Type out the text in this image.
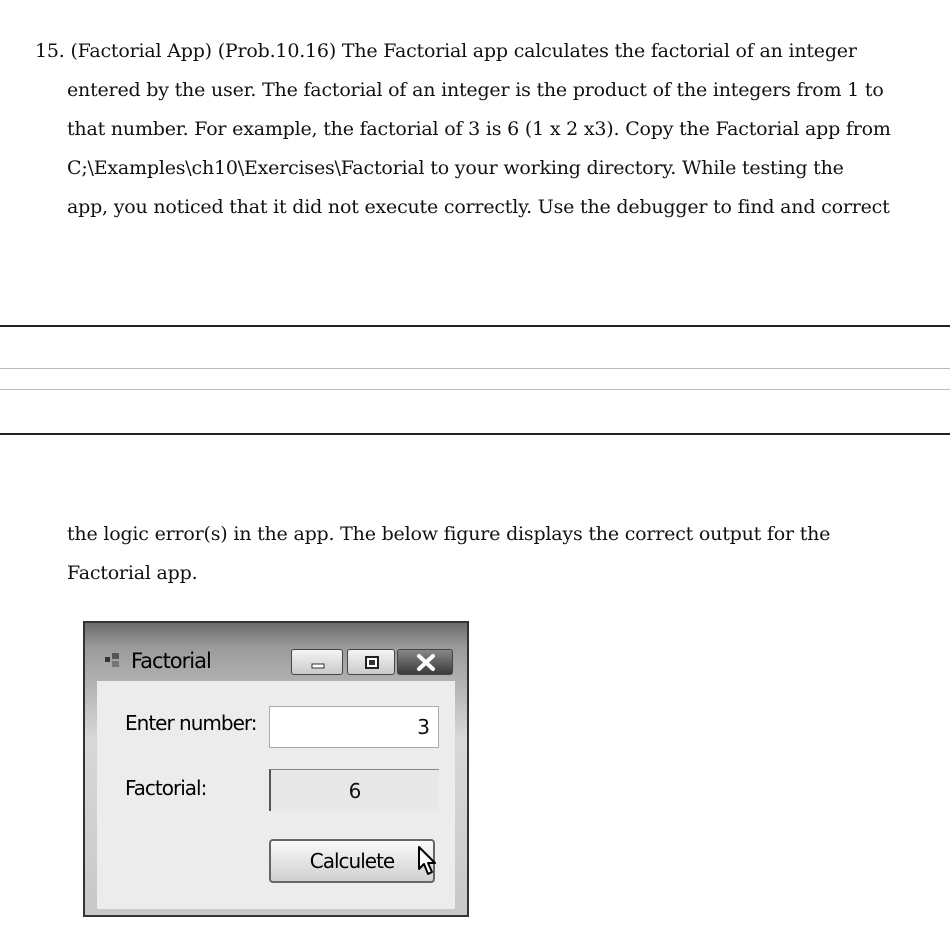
15. (Factorial App) (Prob.10.16) The Factorial app calculates the factorial of an integer
entered by the user. The factorial of an integer is the product of the integers from 1 to
that number. For example, the factorial of 3 is 6 (1 x 2 x3). Copy the Factorial app from
C;\Examples\ch10\Exercises\Factorial to your working directory. While testing the
app, you noticed that it did not execute correctly. Use the debugger to find and correct
the logic error(s) in the app. The below figure displays the correct output for the
Factorial app.
Factorial
Enter number:	3
Factorial:	6
Calculete
